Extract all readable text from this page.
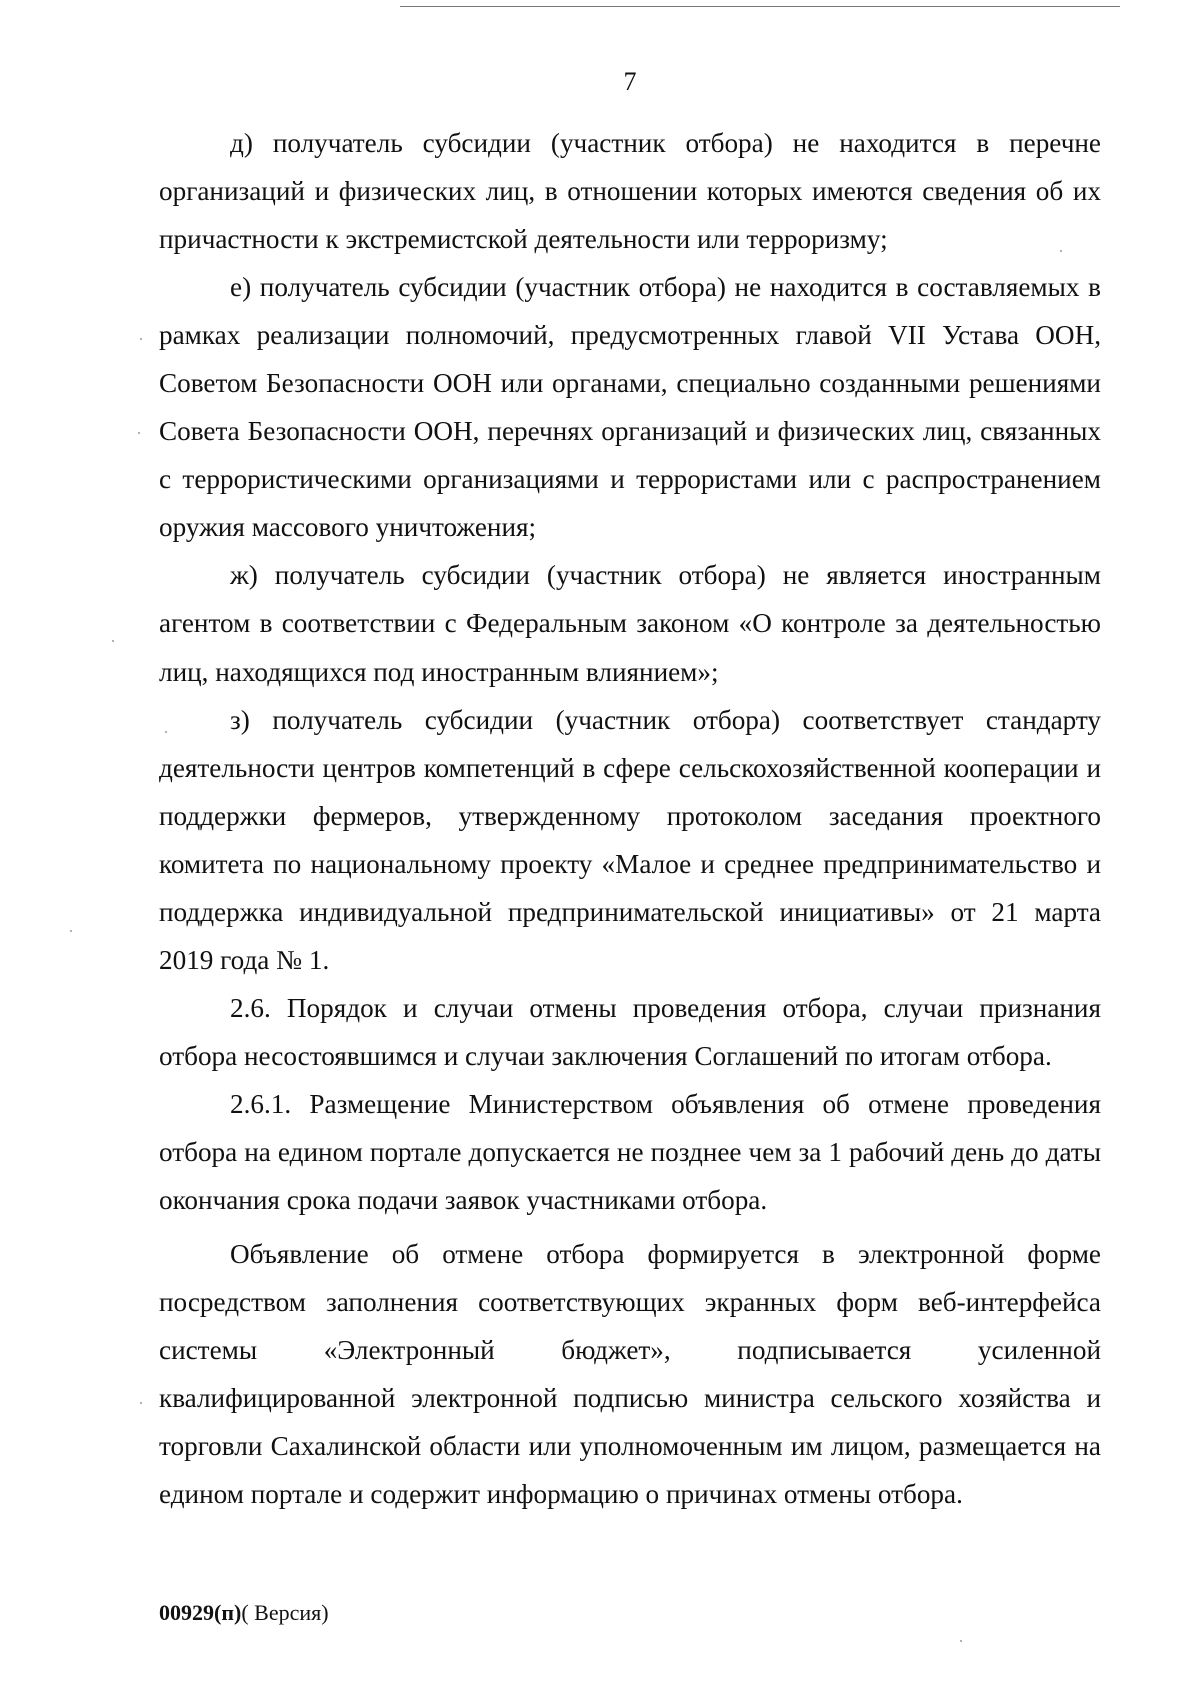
7

д) получатель субсидии (участник отбора) не находится в перечне организаций и физических лиц, в отношении которых имеются сведения об их причастности к экстремистской деятельности или терроризму;

е) получатель субсидии (участник отбора) не находится в составляемых в рамках реализации полномочий, предусмотренных главой VII Устава ООН, Советом Безопасности ООН или органами, специально созданными решениями Совета Безопасности ООН, перечнях организаций и физических лиц, связанных с террористическими организациями и террористами или с распространением оружия массового уничтожения;

ж) получатель субсидии (участник отбора) не является иностранным агентом в соответствии с Федеральным законом «О контроле за деятельностью лиц, находящихся под иностранным влиянием»;

з) получатель субсидии (участник отбора) соответствует стандарту деятельности центров компетенций в сфере сельскохозяйственной кооперации и поддержки фермеров, утвержденному протоколом заседания проектного комитета по национальному проекту «Малое и среднее предпринимательство и поддержка индивидуальной предпринимательской инициативы» от 21 марта 2019 года № 1.

2.6. Порядок и случаи отмены проведения отбора, случаи признания отбора несостоявшимся и случаи заключения Соглашений по итогам отбора.

2.6.1. Размещение Министерством объявления об отмене проведения отбора на едином портале допускается не позднее чем за 1 рабочий день до даты окончания срока подачи заявок участниками отбора.

Объявление об отмене отбора формируется в электронной форме посредством заполнения соответствующих экранных форм веб-интерфейса системы «Электронный бюджет», подписывается усиленной квалифицированной электронной подписью министра сельского хозяйства и торговли Сахалинской области или уполномоченным им лицом, размещается на едином портале и содержит информацию о причинах отмены отбора.

00929(п)( Версия)
